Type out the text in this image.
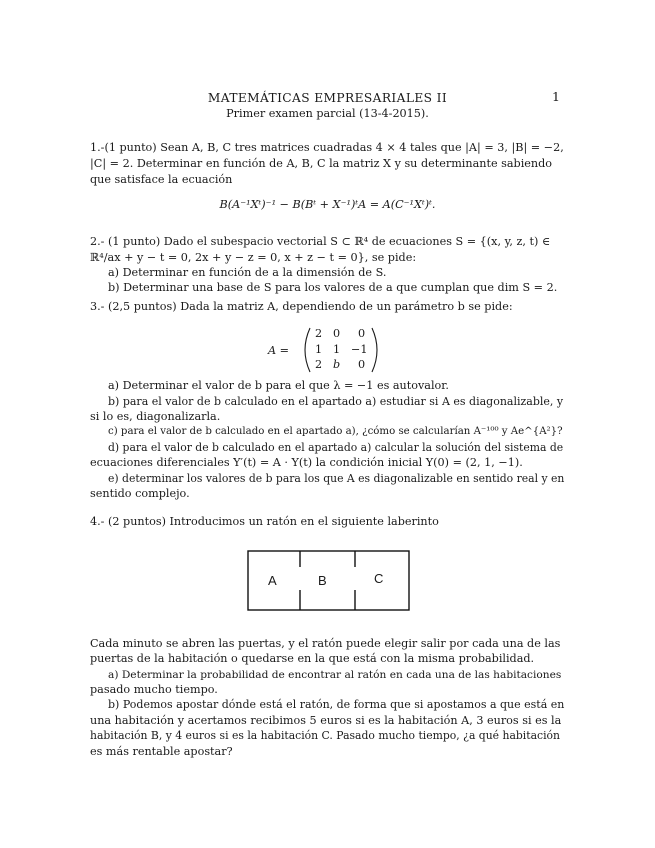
MATEMÁTICAS EMPRESARIALES II
Primer examen parcial (13-4-2015).
1
1.-(1 punto) Sean A, B, C tres matrices cuadradas 4 × 4 tales que |A| = 3, |B| = −2,
|C| = 2. Determinar en función de A, B, C la matriz X y su determinante sabiendo
que satisface la ecuación
B(A⁻¹Xᵗ)⁻¹ − B(Bᵗ + X⁻¹)ᵗA = A(C⁻¹Xᵗ)ᵗ.
2.- (1 punto) Dado el subespacio vectorial S ⊂ ℝ⁴ de ecuaciones S = {(x, y, z, t) ∈
ℝ⁴/ax + y − t = 0, 2x + y − z = 0, x + z − t = 0}, se pide:
a) Determinar en función de a la dimensión de S.
b) Determinar una base de S para los valores de a que cumplan que dim S = 2.
3.- (2,5 puntos) Dada la matriz A, dependiendo de un parámetro b se pide:
A =
2 0 0
1 1 −1
2 b 0
a) Determinar el valor de b para el que λ = −1 es autovalor.
b) para el valor de b calculado en el apartado a) estudiar si A es diagonalizable, y
si lo es, diagonalizarla.
c) para el valor de b calculado en el apartado a), ¿cómo se calcularían A⁻¹⁰⁰ y Ae^{A²}?
d) para el valor de b calculado en el apartado a) calcular la solución del sistema de
ecuaciones diferenciales Y′(t) = A · Y(t) la condición inicial Y(0) = (2, 1, −1).
e) determinar los valores de b para los que A es diagonalizable en sentido real y en
sentido complejo.
4.- (2 puntos) Introducimos un ratón en el siguiente laberinto
A	B	C
Cada minuto se abren las puertas, y el ratón puede elegir salir por cada una de las
puertas de la habitación o quedarse en la que está con la misma probabilidad.
a) Determinar la probabilidad de encontrar al ratón en cada una de las habitaciones
pasado mucho tiempo.
b) Podemos apostar dónde está el ratón, de forma que si apostamos a que está en
una habitación y acertamos recibimos 5 euros si es la habitación A, 3 euros si es la
habitación B, y 4 euros si es la habitación C. Pasado mucho tiempo, ¿a qué habitación
es más rentable apostar?
